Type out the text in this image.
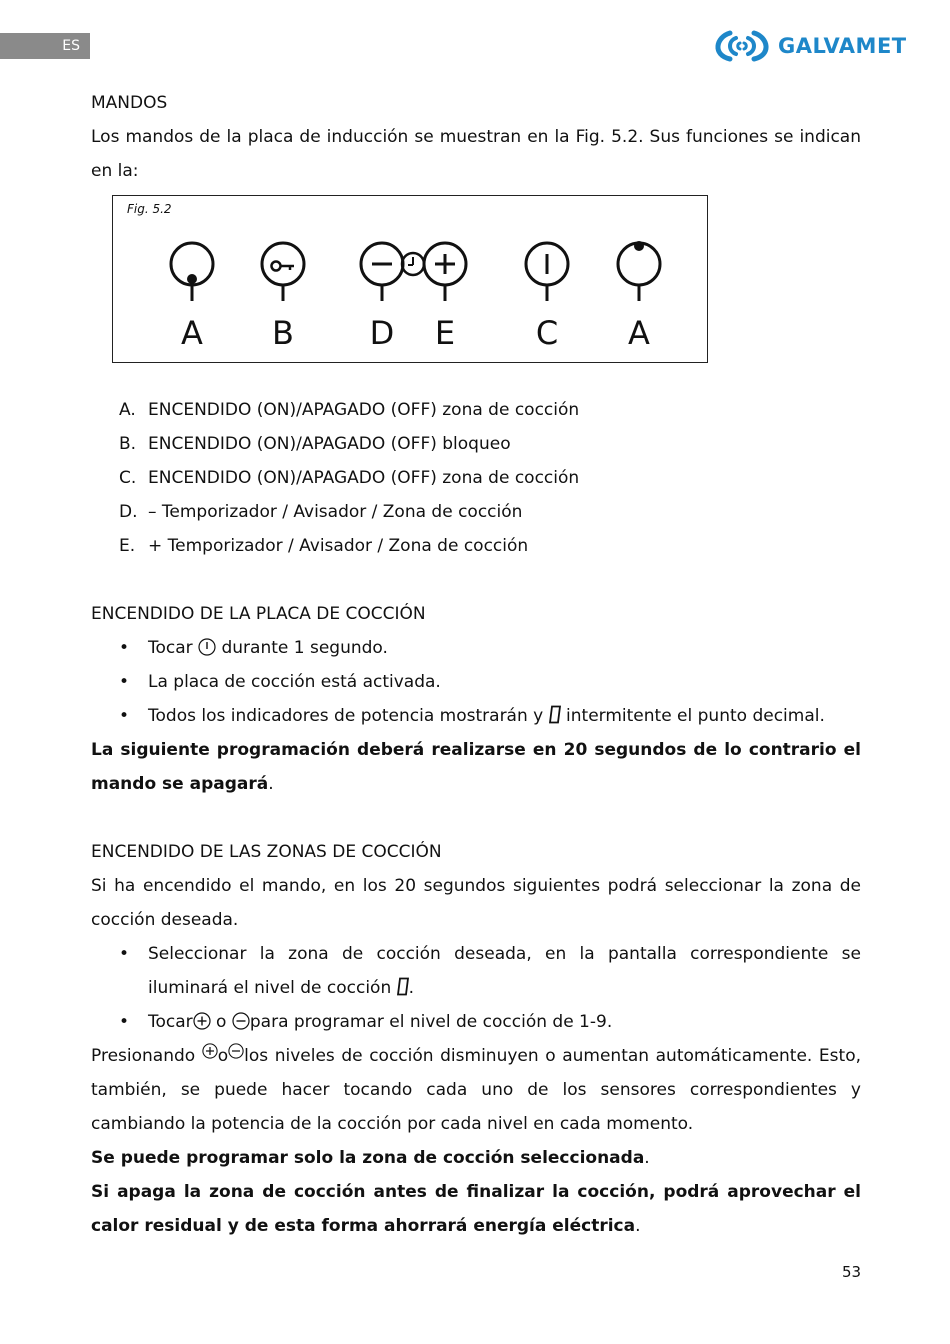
ES	GALVAMET

MANDOS

Los mandos de la placa de inducción se muestran en la Fig. 5.2. Sus funciones se indican en la:

A B D E	C A
Fig. 5.2
A. ENCENDIDO (ON)/APAGADO (OFF) zona de cocción
B. ENCENDIDO (ON)/APAGADO (OFF) bloqueo
C. ENCENDIDO (ON)/APAGADO (OFF) zona de cocción
D. – Temporizador / Avisador / Zona de cocción
E. + Temporizador / Avisador / Zona de cocción

ENCENDIDO DE LA PLACA DE COCCIÓN

•	Tocar  durante 1 segundo.
•	La placa de cocción está activada.
•	Todos los indicadores de potencia mostrarán y  intermitente el punto decimal.

La siguiente programación deberá realizarse en 20 segundos de lo contrario el mando se apagará.

ENCENDIDO DE LAS ZONAS DE COCCIÓN

Si ha encendido el mando, en los 20 segundos siguientes podrá seleccionar la zona de cocción deseada.

•	Seleccionar la zona de cocción deseada, en la pantalla correspondiente se iluminará el nivel de cocción .
•	Tocar o para programar el nivel de cocción de 1-9.

Presionando o los niveles de cocción disminuyen o aumentan automáticamente. Esto, también, se puede hacer tocando cada uno de los sensores correspondientes y cambiando la potencia de la cocción por cada nivel en cada momento.

Se puede programar solo la zona de cocción seleccionada.

Si apaga la zona de cocción antes de finalizar la cocción, podrá aprovechar el calor residual y de esta forma ahorrará energía eléctrica.

53
